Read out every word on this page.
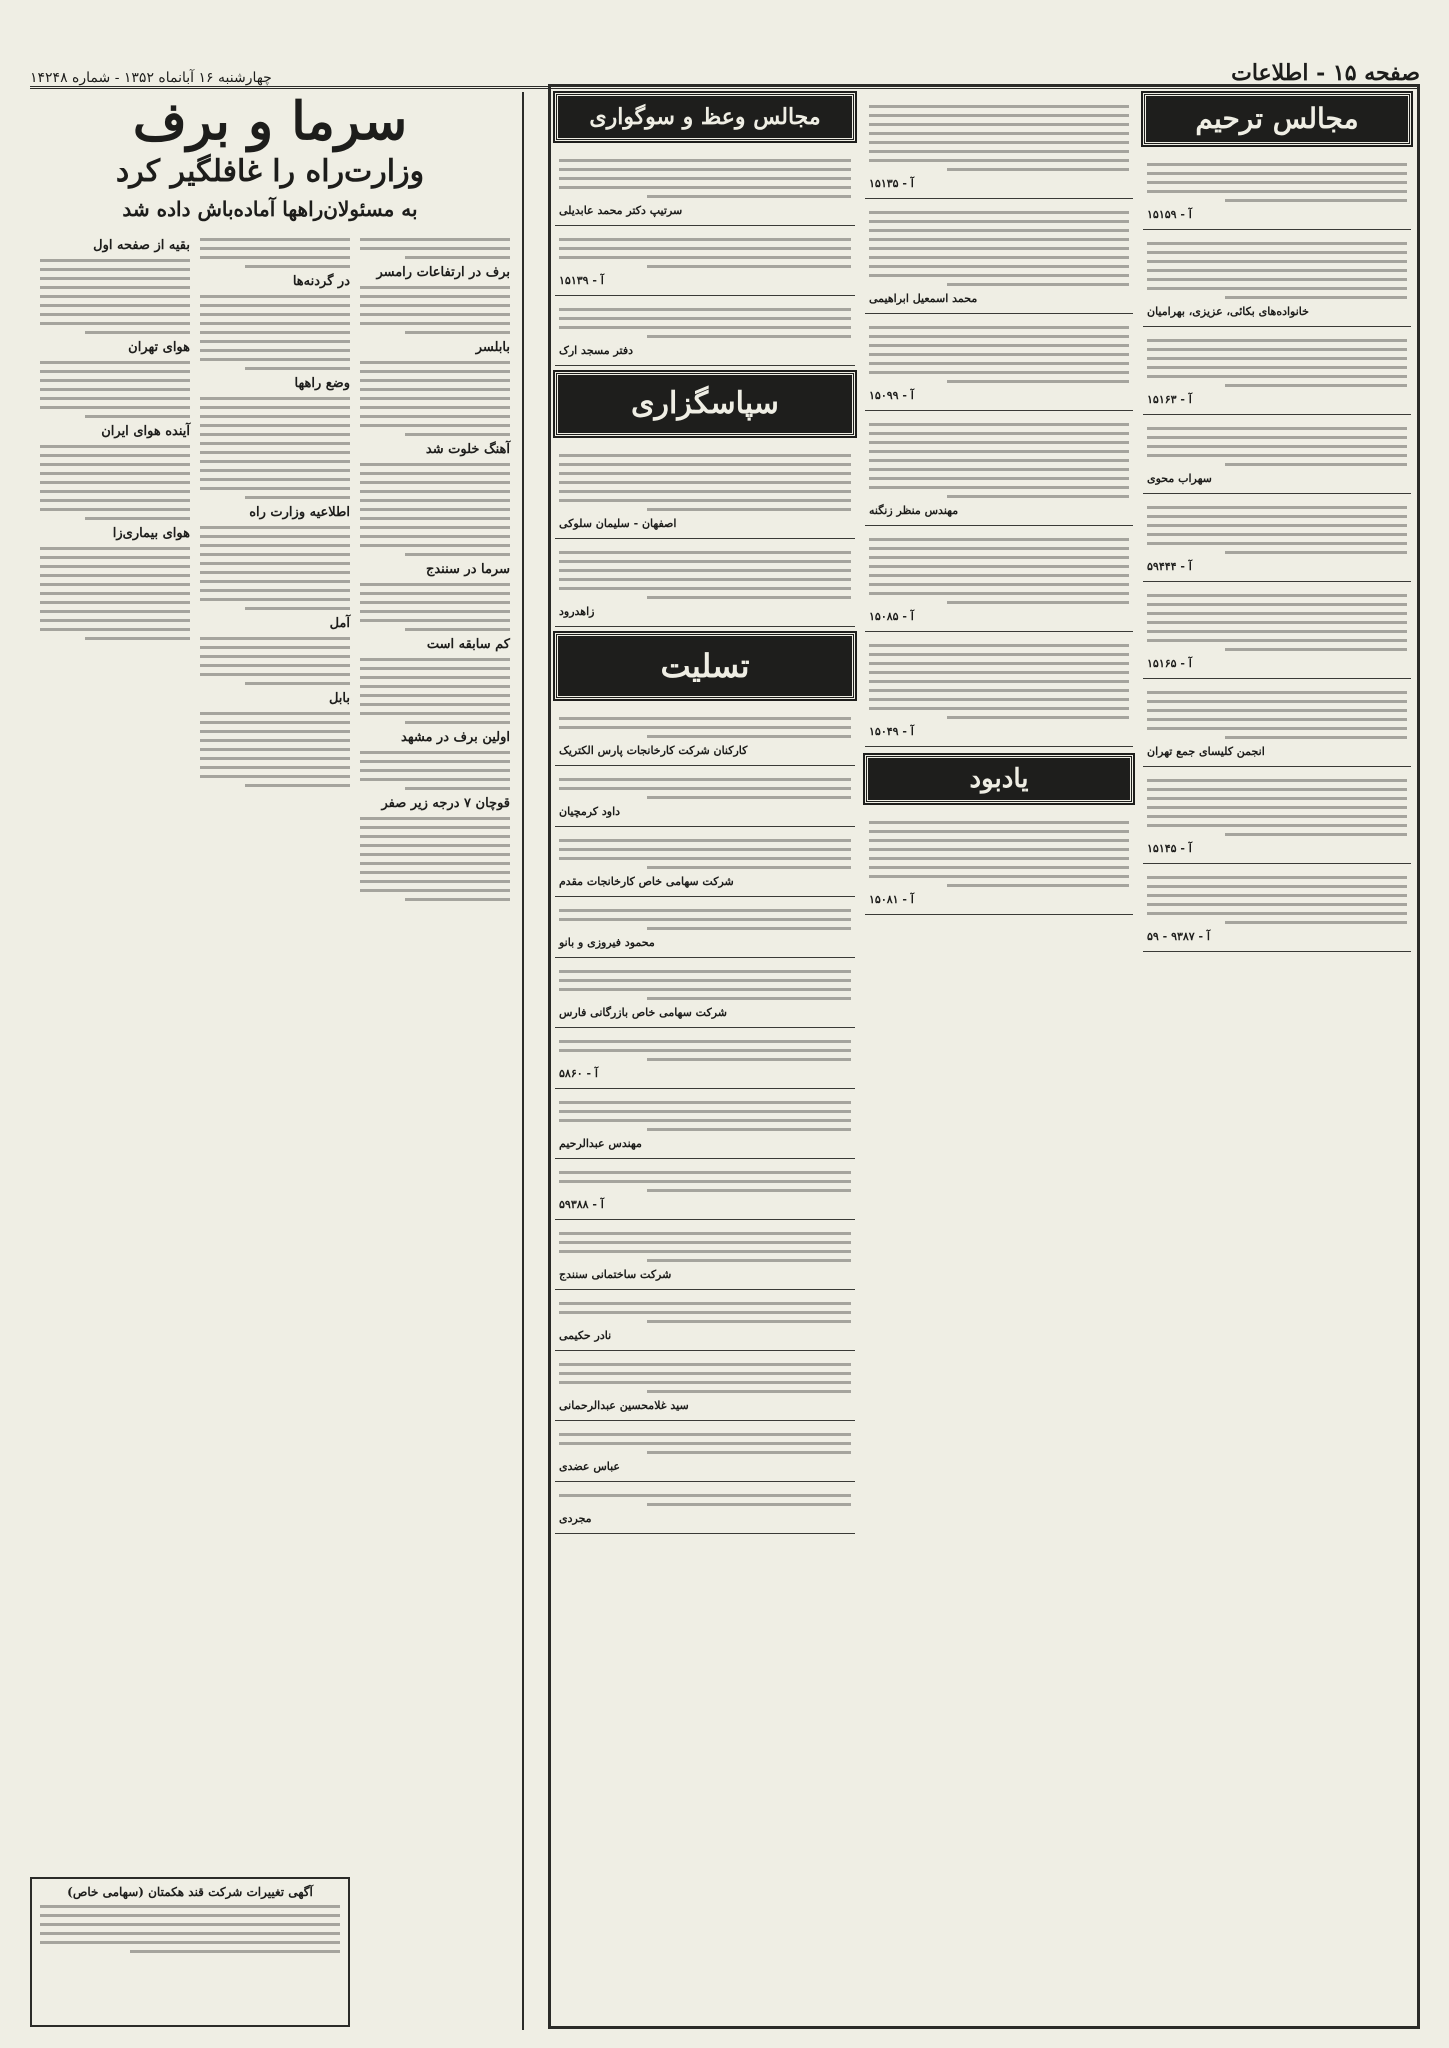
صفحه ۱۵ - اطلاعات
چهارشنبه ۱۶ آبانماه ۱۳۵۲ - شماره ۱۴۲۴۸
سرما و برف
وزارت‌راه را غافلگیر کرد
به مسئولان‌راهها آماده‌باش داده شد
برف در ارتفاعات رامسر
بابلسر
آهنگ خلوت شد
سرما در سنندج
کم سابقه است
اولین برف در مشهد
قوچان ۷ درجه زیر صفر
در گردنه‌ها
وضع راهها
اطلاعیه وزارت راه
آمل
بابل
بقیه از صفحه اول
هوای تهران
آینده هوای ایران
هوای بیماری‌زا
آگهی تغییرات شرکت قند هکمتان (سهامی خاص)
مجالس ترحیم
آ - ۱۵۱۵۹
خانواده‌های بکائی، عزیزی، بهرامیان
آ - ۱۵۱۶۳
سهراب محوی
آ - ۵۹۴۴۴
آ - ۱۵۱۶۵
انجمن کلیسای جمع تهران
آ - ۱۵۱۴۵
آ - ۹۳۸۷ - ۵۹
آ - ۱۵۱۳۵
محمد اسمعیل ابراهیمی
آ - ۱۵۰۹۹
مهندس منظر زنگنه
آ - ۱۵۰۸۵
آ - ۱۵۰۴۹
یادبود
آ - ۱۵۰۸۱
مجالس وعظ و سوگواری
سرتیپ دکتر محمد عابدیلی
آ - ۱۵۱۳۹
دفتر مسجد ارک
سپاسگزاری
اصفهان - سلیمان سلوکی
زاهدرود
تسلیت
کارکنان شرکت کارخانجات پارس الکتریک
داود کرمچیان
شرکت سهامی خاص کارخانجات مقدم
محمود فیروزی و بانو
شرکت سهامی خاص بازرگانی فارس
آ - ۵۸۶۰
مهندس عبدالرحیم
آ - ۵۹۳۸۸
شرکت ساختمانی سنندج
نادر حکیمی
سید غلامحسین عبدالرحمانی
عباس عضدی
مجردی
